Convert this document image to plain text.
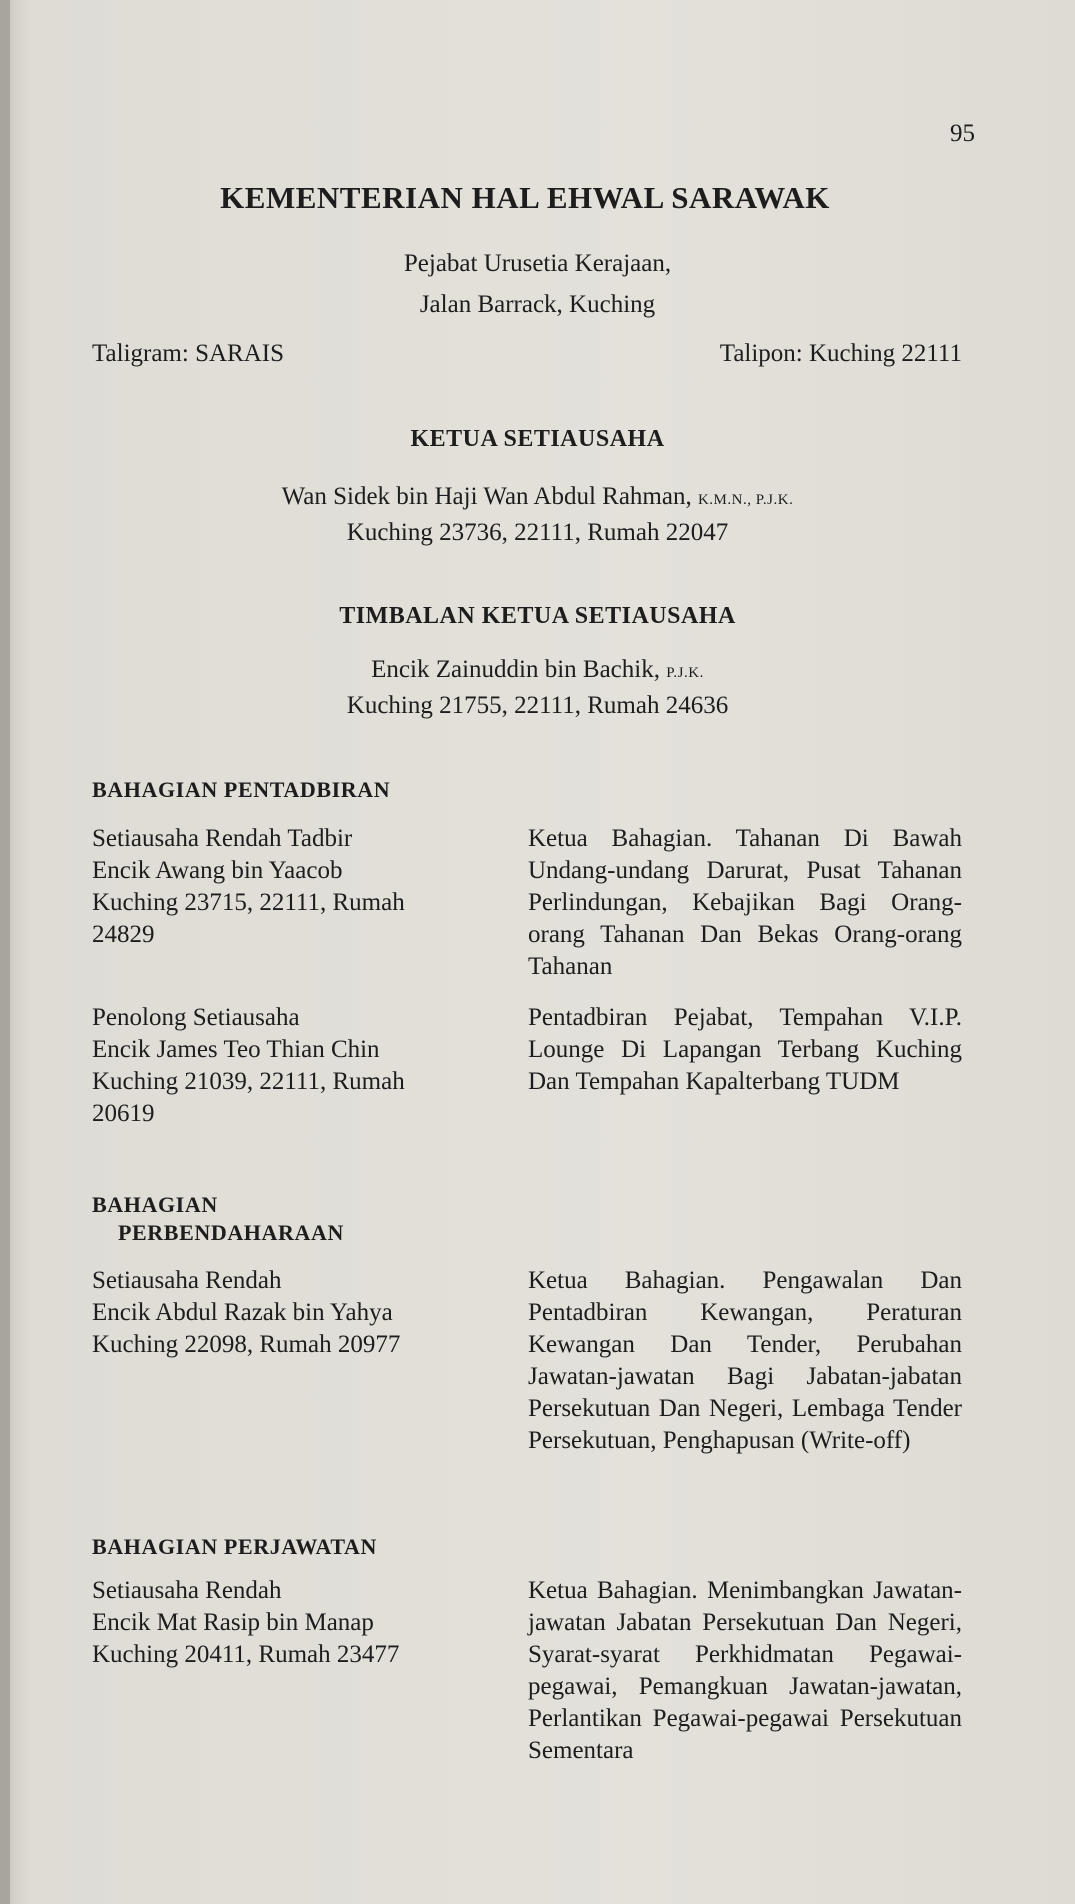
95
KEMENTERIAN HAL EHWAL SARAWAK
Pejabat Urusetia Kerajaan,
Jalan Barrack, Kuching
Taligram: SARAIS	Talipon: Kuching 22111
KETUA SETIAUSAHA
Wan Sidek bin Haji Wan Abdul Rahman, K.M.N., P.J.K.
Kuching 23736, 22111, Rumah 22047
TIMBALAN KETUA SETIAUSAHA
Encik Zainuddin bin Bachik, P.J.K.
Kuching 21755, 22111, Rumah 24636
BAHAGIAN PENTADBIRAN
Setiausaha Rendah Tadbir
Encik Awang bin Yaacob
Kuching 23715, 22111, Rumah
24829
Ketua Bahagian. Tahanan Di Bawah Undang-undang Darurat, Pusat Tahanan Perlindungan, Kebajikan Bagi Orang-orang Tahanan Dan Bekas Orang-orang Tahanan
Penolong Setiausaha
Encik James Teo Thian Chin
Kuching 21039, 22111, Rumah
20619
Pentadbiran Pejabat, Tempahan V.I.P. Lounge Di Lapangan Terbang Kuching Dan Tempahan Kapalterbang TUDM
BAHAGIAN
PERBENDAHARAAN
Setiausaha Rendah
Encik Abdul Razak bin Yahya
Kuching 22098, Rumah 20977
Ketua Bahagian. Pengawalan Dan Pentadbiran Kewangan, Peraturan Kewangan Dan Tender, Perubahan Jawatan-jawatan Bagi Jabatan-jabatan Persekutuan Dan Negeri, Lembaga Tender Persekutuan, Penghapusan (Write-off)
BAHAGIAN PERJAWATAN
Setiausaha Rendah
Encik Mat Rasip bin Manap
Kuching 20411, Rumah 23477
Ketua Bahagian. Menimbangkan Jawatan-jawatan Jabatan Persekutuan Dan Negeri, Syarat-syarat Perkhidmatan Pegawai-pegawai, Pemangkuan Jawatan-jawatan, Perlantikan Pegawai-pegawai Persekutuan Sementara
